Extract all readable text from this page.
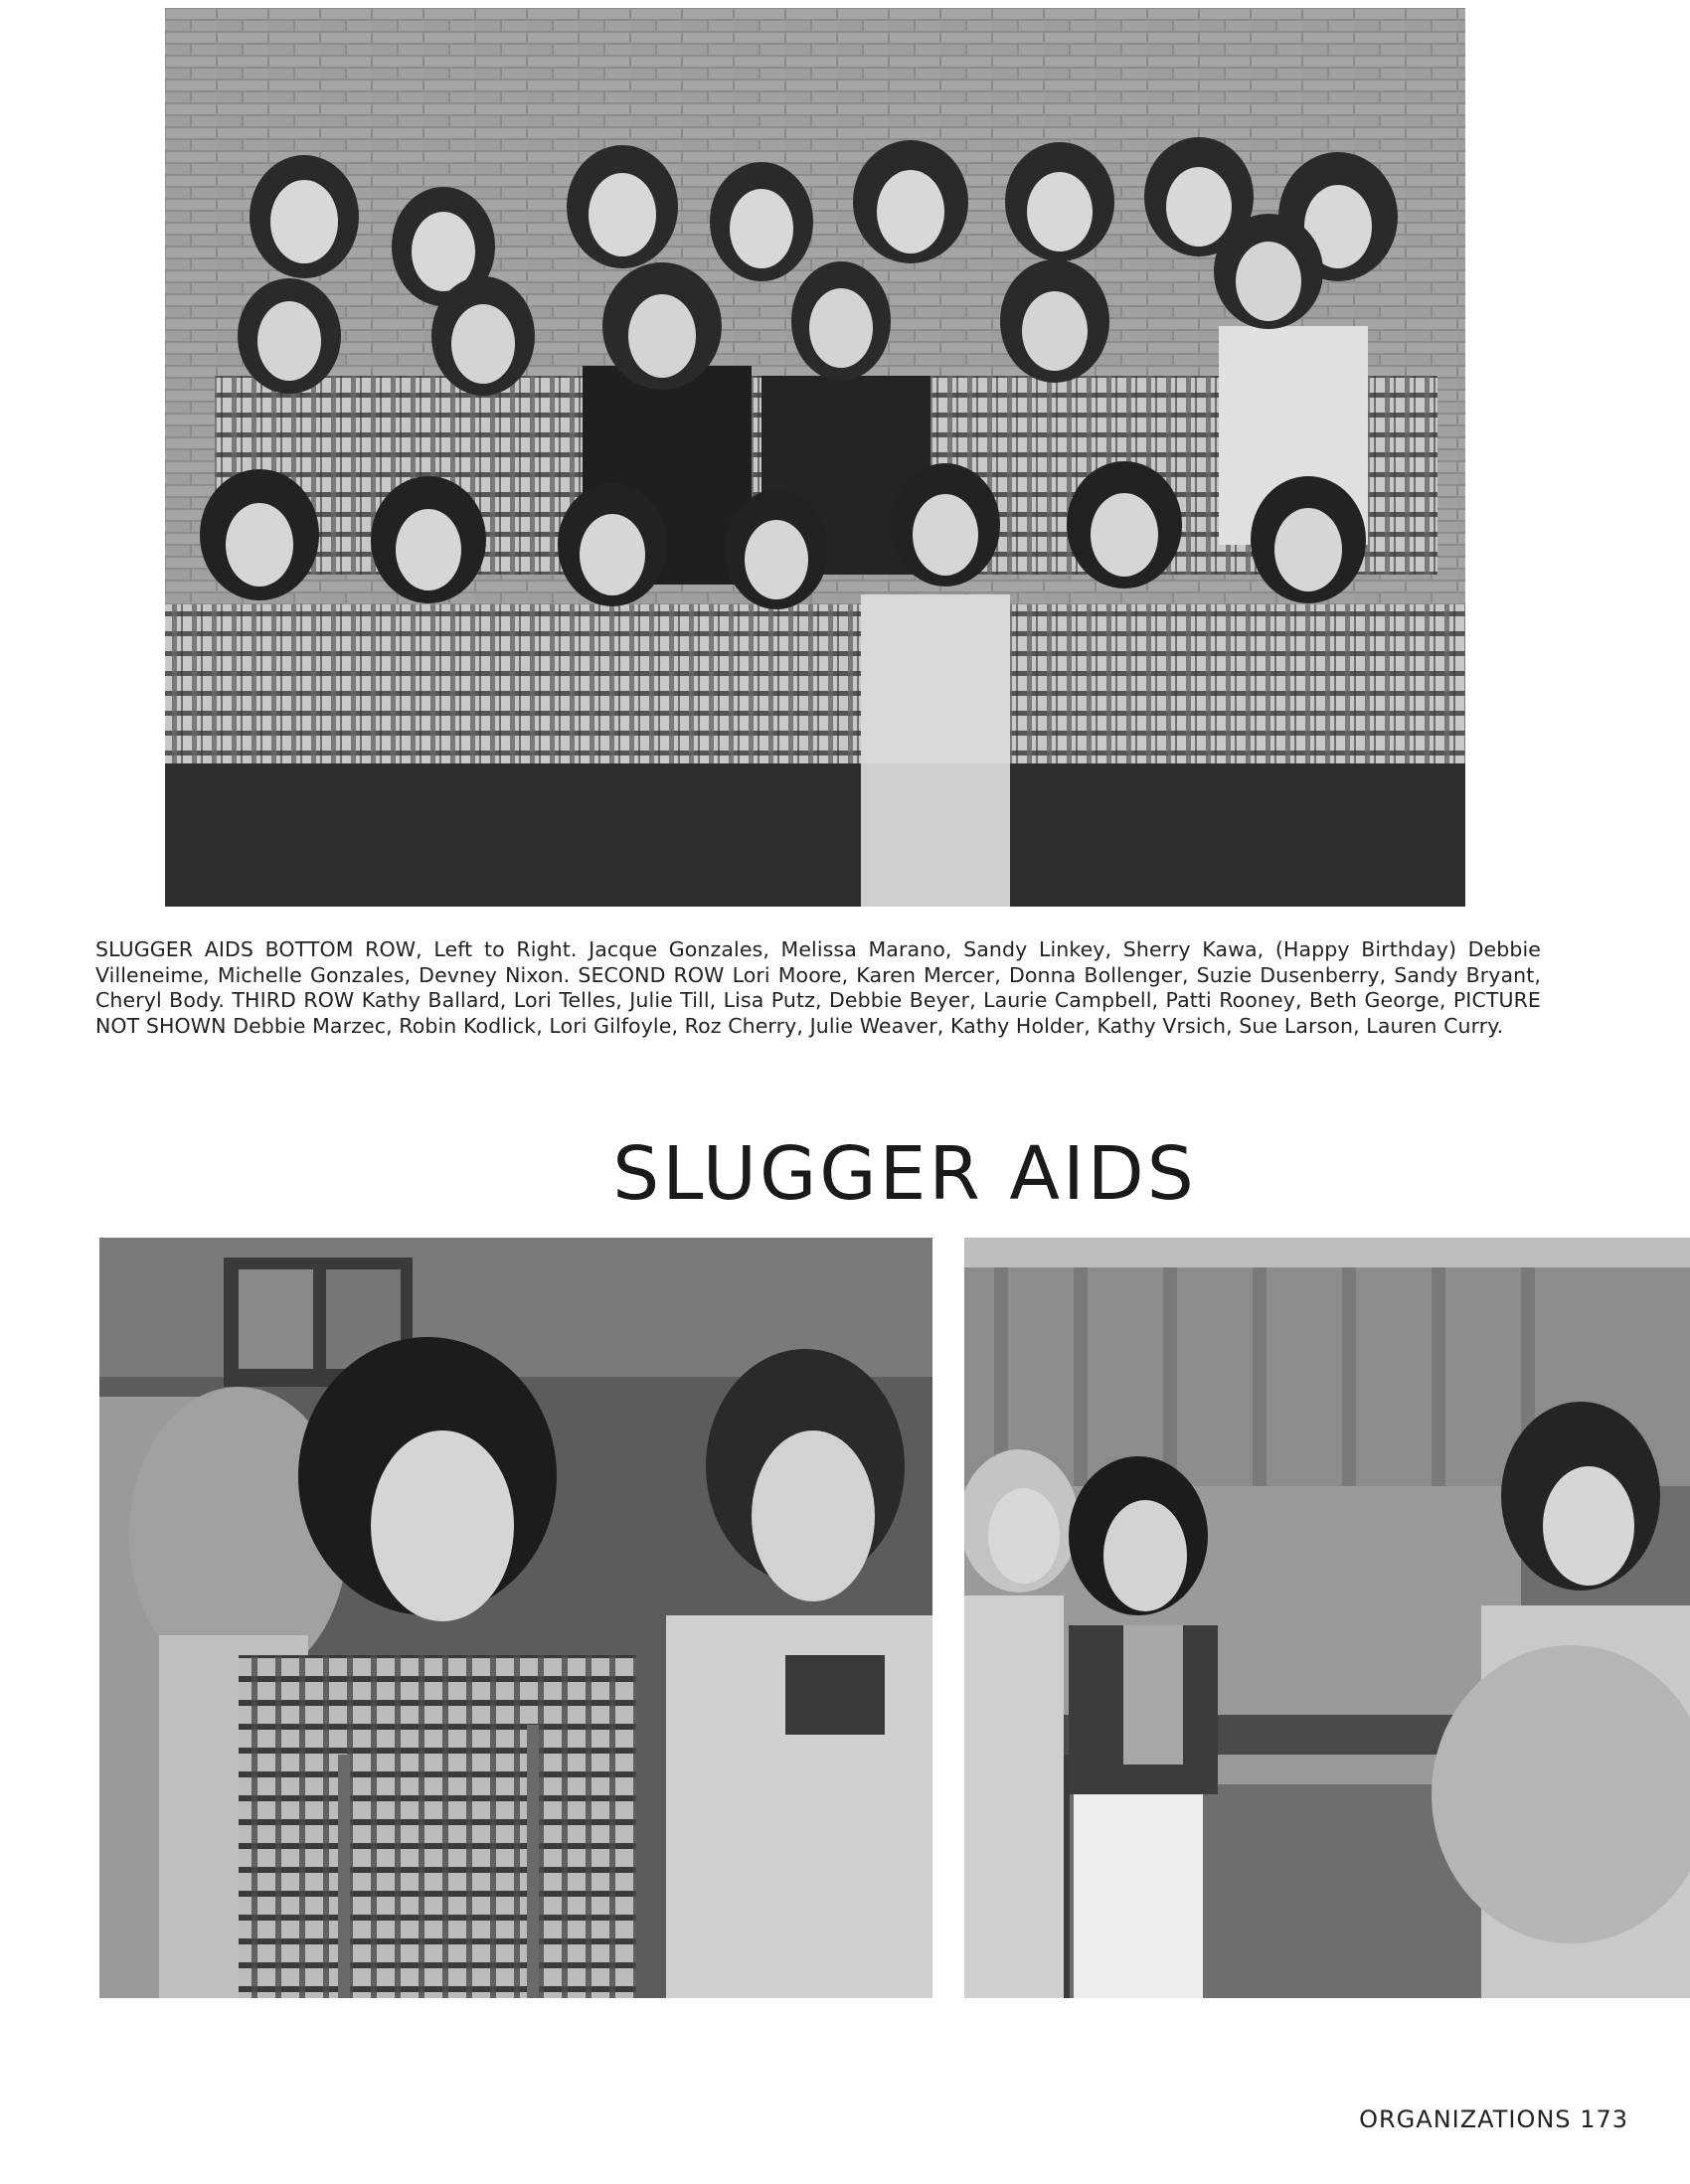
SLUGGER AIDS BOTTOM ROW, Left to Right. Jacque Gonzales, Melissa Marano, Sandy Linkey, Sherry Kawa, (Happy Birthday) Debbie Villeneime, Michelle Gonzales, Devney Nixon. SECOND ROW Lori Moore, Karen Mercer, Donna Bollenger, Suzie Dusenberry, Sandy Bryant, Cheryl Body. THIRD ROW Kathy Ballard, Lori Telles, Julie Till, Lisa Putz, Debbie Beyer, Laurie Campbell, Patti Rooney, Beth George, PICTURE NOT SHOWN Debbie Marzec, Robin Kodlick, Lori Gilfoyle, Roz Cherry, Julie Weaver, Kathy Holder, Kathy Vrsich, Sue Larson, Lauren Curry.
SLUGGER AIDS
ORGANIZATIONS 173
